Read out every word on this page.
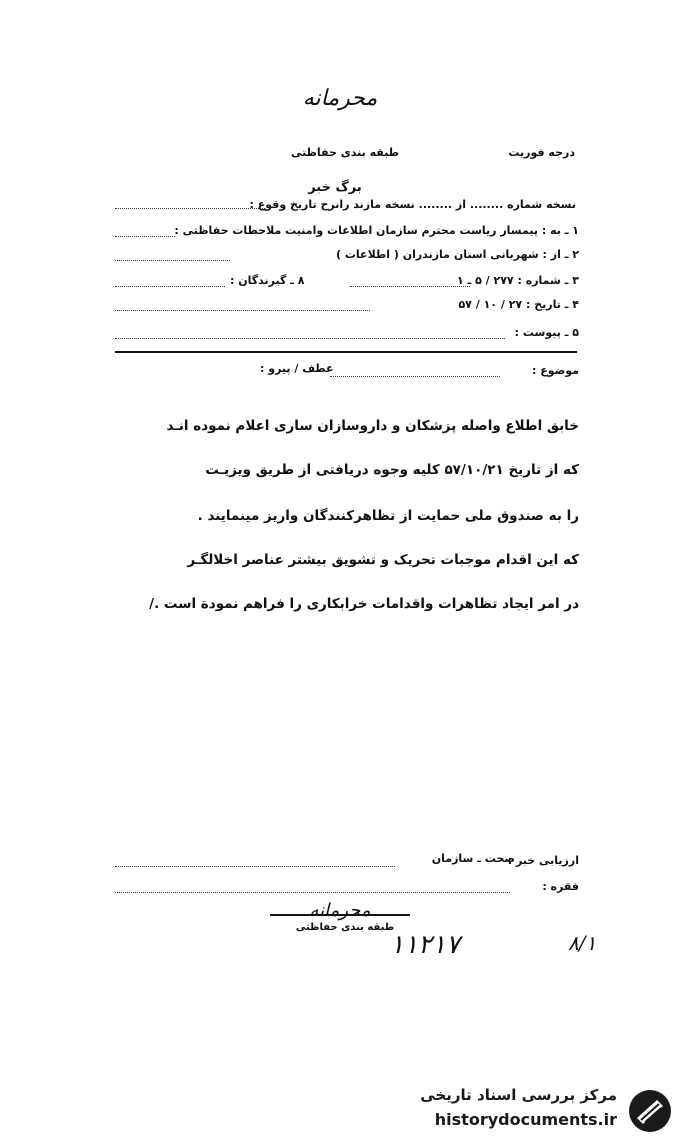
محرمانه
طبقه بندی حفاظتی	درجه فوریت
برگ خبر
نسخه شماره ........ از ........ نسخه مازند رانرح تاریخ وقوع :
۱ ـ به : پیمسار ریاست محترم سازمان اطلاعات وامنیت ملاحظات حفاظتی :
۲ ـ از : شهربانی استان مازندران ( اطلاعات )
۳ ـ شماره : ۲۷۷ / ۵ ـ ۱
۸ ـ گیرندگان :
۴ ـ تاریخ : ۲۷ / ۱۰ / ۵۷
۵ ـ پیوست :
موضوع :
عطف / پیرو :
خابق اطلاع واصله پزشکان و داروسازان ساری اعلام نموده انـد
که از تاریخ ۵۷/۱۰/۲۱ کلیه وجوه دریافتی از طریق ویزیـت
را به صندوق ملی حمایت از تظاهرکنندگان واریز مینمایند .
که این اقدام موجبات تحریک و تشویق بیشتر عناصر اخلالگـر
در امر ایجاد تظاهرات واقدامات خرابکاری را فراهم نمودة است ./
ارزیابی خبر :
صحت ـ سازمان
فقره :
محرمانه
طبقه بندی حفاظتی
۱۱۲۱۷	۸/۱
مرکز بررسی اسناد تاریخی
historydocuments.ir
